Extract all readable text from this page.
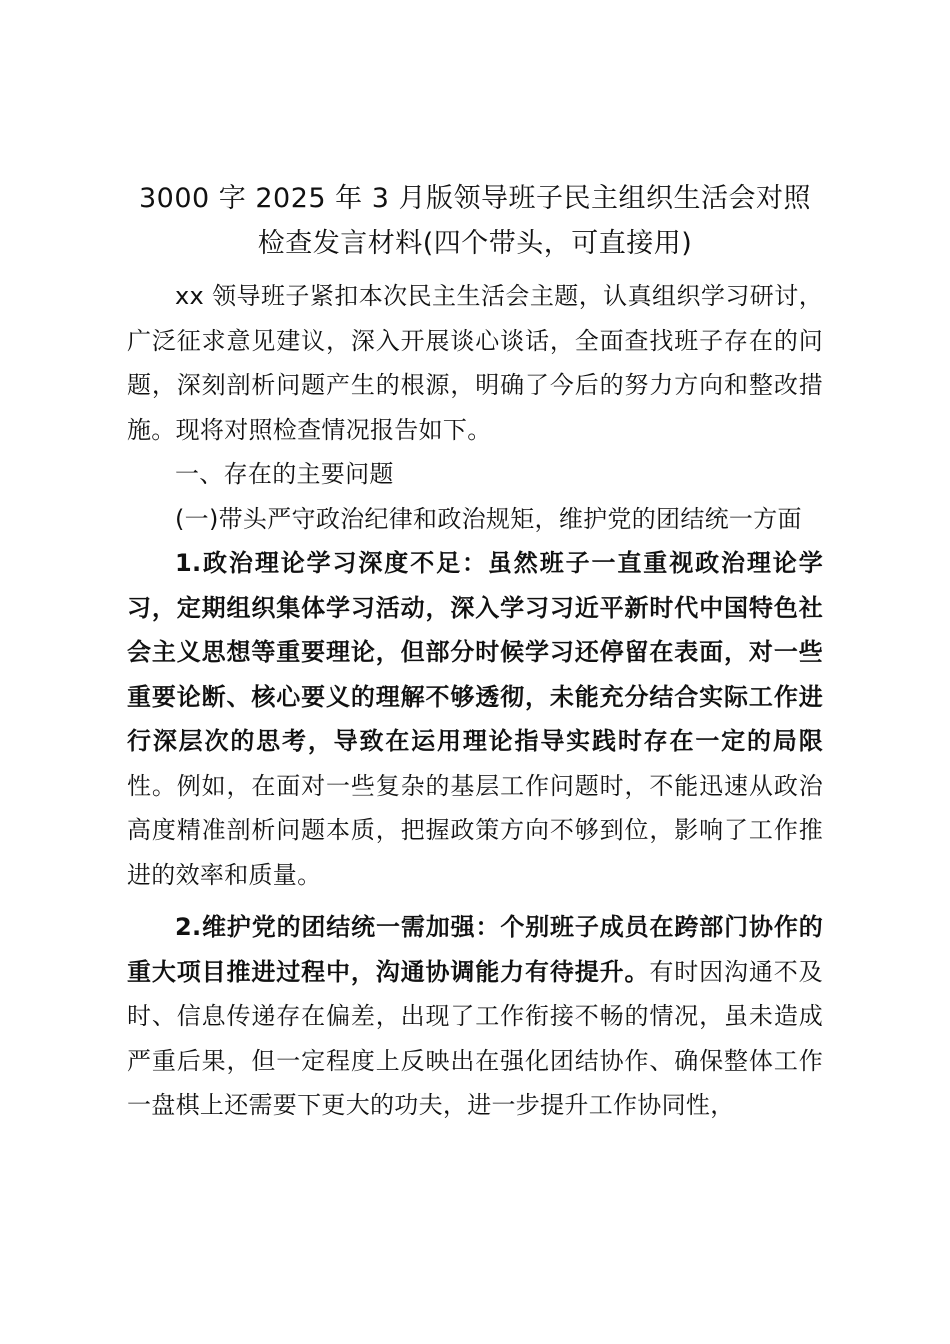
3000 字 2025 年 3 月版领导班子民主组织生活会对照
检查发言材料(四个带头，可直接用)

xx 领导班子紧扣本次民主生活会主题，认真组织学习研讨，广泛征求意见建议，深入开展谈心谈话，全面查找班子存在的问题，深刻剖析问题产生的根源，明确了今后的努力方向和整改措施。现将对照检查情况报告如下。

一、存在的主要问题

(一)带头严守政治纪律和政治规矩，维护党的团结统一方面

1.政治理论学习深度不足：虽然班子一直重视政治理论学习，定期组织集体学习活动，深入学习习近平新时代中国特色社会主义思想等重要理论，但部分时候学习还停留在表面，对一些重要论断、核心要义的理解不够透彻，未能充分结合实际工作进行深层次的思考，导致在运用理论指导实践时存在一定的局限性。例如，在面对一些复杂的基层工作问题时，不能迅速从政治高度精准剖析问题本质，把握政策方向不够到位，影响了工作推进的效率和质量。

2.维护党的团结统一需加强：个别班子成员在跨部门协作的重大项目推进过程中，沟通协调能力有待提升。有时因沟通不及时、信息传递存在偏差，出现了工作衔接不畅的情况，虽未造成严重后果，但一定程度上反映出在强化团结协作、确保整体工作一盘棋上还需要下更大的功夫，进一步提升工作协同性，
